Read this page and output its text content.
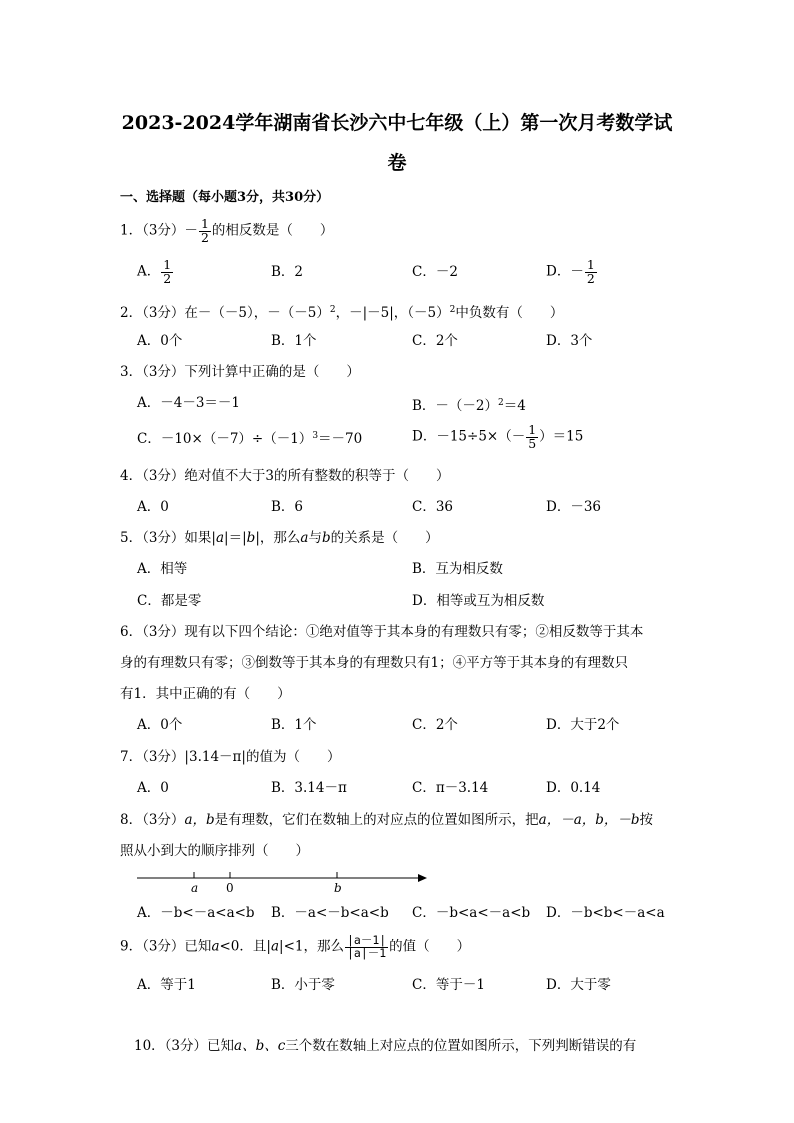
2023-2024学年湖南省长沙六中七年级（上）第一次月考数学试
卷
一、选择题（每小题3分，共30分）
1．（3分）－ $\frac{1}{2}$ 的相反数是（　　）
A． $\frac{1}{2}$	B．2	C．－2	D．－ $\frac{1}{2}$
2．（3分）在－（－5），$-(-5)^2$，－|－5|，$(-5)^2$中负数有（　　）
A．0个	B．1个	C．2个	D．3个
3．（3分）下列计算中正确的是（　　）
A．－4－3＝－1	B．$-(-2)^2=4$
C．$-10\times(-7)\div(-1)^3=-70$	D．$-15\div 5\times(- \frac{1}{5} )=15$
4．（3分）绝对值不大于3的所有整数的积等于（　　）
A．0	B．6	C．36	D．－36
5．（3分）如果|a|＝|b|，那么a与b的关系是（　　）
A．相等	B．互为相反数
C．都是零	D．相等或互为相反数
6．（3分）现有以下四个结论：①绝对值等于其本身的有理数只有零；②相反数等于其本
身的有理数只有零；③倒数等于其本身的有理数只有1；④平方等于其本身的有理数只
有1．其中正确的有（　　）
A．0个	B．1个	C．2个	D．大于2个
7．（3分）|3.14－π|的值为（　　）
A．0	B．3.14－π	C．π－3.14	D．0.14
8．（3分）a，b是有理数，它们在数轴上的对应点的位置如图所示，把a，－a，b，－b按
照从小到大的顺序排列（　　）
a 0	b
A．－b<－a<a<b B．－a<－b<a<b C．－b<a<－a<b D．－b<b<－a<a
9．（3分）已知a<0．且|a|<1，那么 $\frac{|a-1|}{|a|-1}$ 的值（　　）
A．等于1	B．小于零	C．等于－1	D．大于零
10．（3分）已知a、b、c三个数在数轴上对应点的位置如图所示，下列判断错误的有
